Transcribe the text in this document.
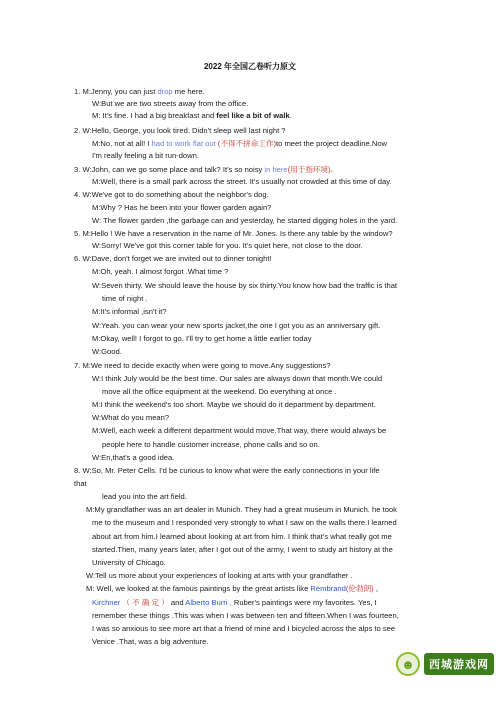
2022 年全国乙卷听力原文
1. M:Jenny, you can just drop me here.
W:But we are two streets away from the office.
M: It's fine. I had a big breakfast and feel like a bit of walk.
2. W:Hello, George, you look tired. Didn't sleep well last night ?
M:No, not at all! I had to work flat out (不得不拼命工作)to meet the project deadline.Now
I'm really feeling a bit run-down.
3. W:John, can we go some place and talk? It's so noisy in here(用于指环境).
M:Well, there is a small park across the street. It's usually not crowded at this time of day.
4. W:We've got to do something about the neighbor's dog.
M:Why ? Has he been into your flower garden again?
W: The flower garden ,the garbage can and yesterday, he started digging holes in the yard.
5. M:Hello ! We have a reservation in the name of Mr. Jones. Is there any table by the window?
W:Sorry! We've got this corner table for you. It's quiet here, not close to the door.
6. W:Dave, don't forget we are invited out to dinner tonight!
M:Oh, yeah. I almost forgot .What time ?
W:Seven thirty. We should leave the house by six thirty.You know how bad the traffic is that
time of night .
M:It's informal ,isn't it?
W:Yeah. you can wear your new sports jacket,the one I got you as an anniversary gift.
M:Okay, well! I forgot to go. I'll try to get home a little earlier today
W:Good.
7. M:We need to decide exactly when were going to move.Any suggestions?
W:I think July would be the best time. Our sales are always down that month.We could
move all the office equipment at the weekend. Do everything at once .
M:I think the weekend's too short. Maybe we should do it department by department.
W:What do you mean?
M:Well, each week a different department would move.That way, there would always be
people here to handle customer increase, phone calls and so on.
W:En,that's a good idea.
8. W:So, Mr. Peter Cells. I'd be curious to know what were the early connections in your life
that
lead you into the art field.
M:My grandfather was an art dealer in Munich. They had a great museum in Munich. he took
me to the museum and I responded very strongly to what I saw on the walls there.I learned
about art from him.I learned about looking at art from him. I think that's what really got me
started.Then, many years later, after I got out of the army, I went to study art history at the
University of Chicago.
W:Tell us more about your experiences of looking at arts with your grandfather .
M: Well, we looked at the famous paintings by the great artists like Rembrand(伦勃朗) ,
Kirchner （ 不 确 定 ） and Alberto Burri . Ruber's paintings were my favorites. Yes, I
remember these things .This was when I was between ten and fifteen.When I was fourteen,
I was so anxious to see more art that a friend of mine and I bicycled across the alps to see
Venice .That, was a big adventure.
☻	西城游戏网
